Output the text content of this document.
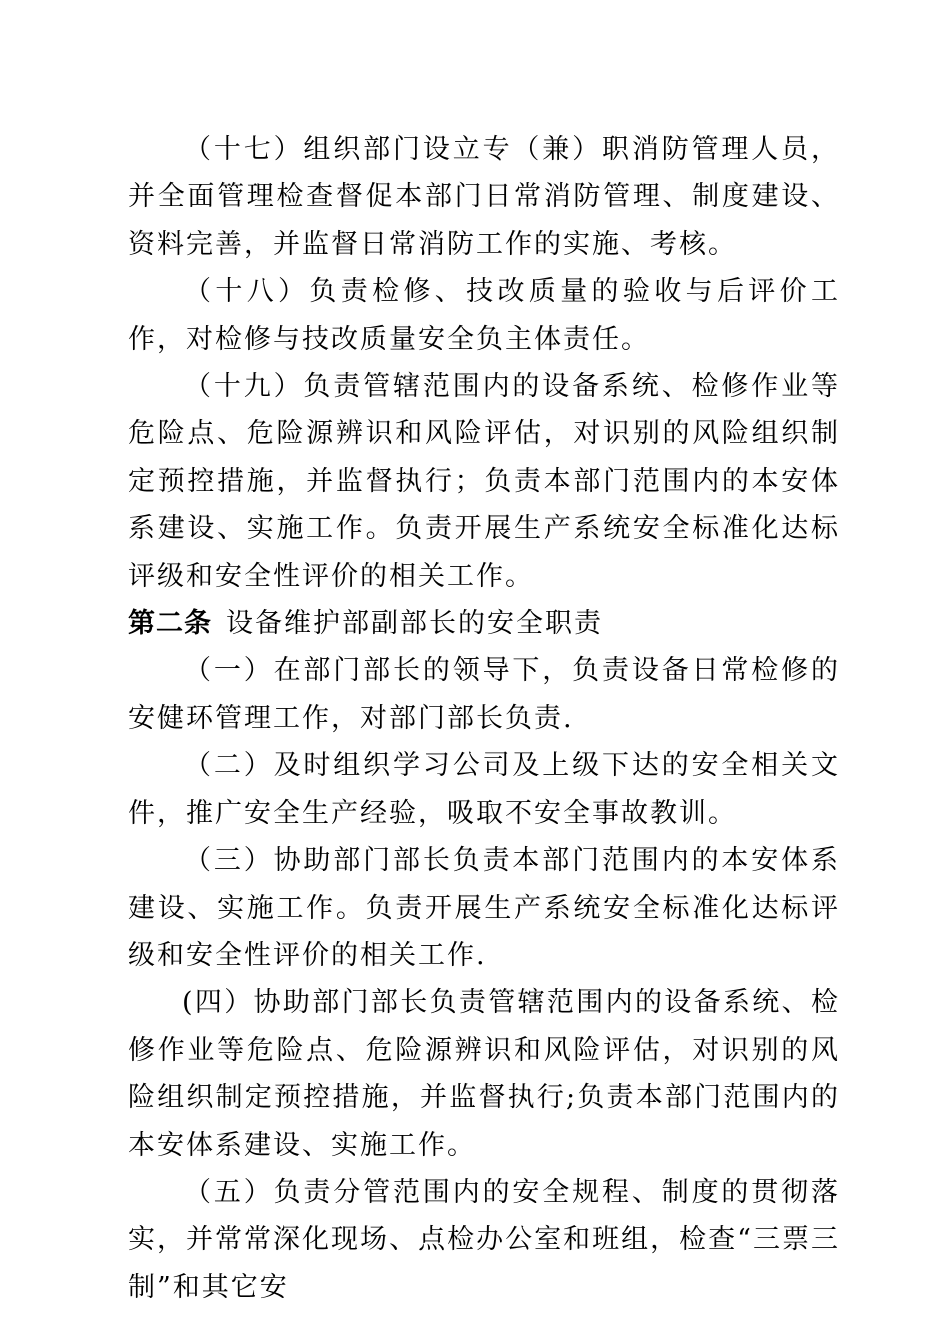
（十七）组织部门设立专（兼）职消防管理人员，并全面管理检查督促本部门日常消防管理、制度建设、资料完善，并监督日常消防工作的实施、考核。

（十八）负责检修、技改质量的验收与后评价工作，对检修与技改质量安全负主体责任。

（十九）负责管辖范围内的设备系统、检修作业等危险点、危险源辨识和风险评估，对识别的风险组织制定预控措施，并监督执行；负责本部门范围内的本安体系建设、实施工作。负责开展生产系统安全标准化达标评级和安全性评价的相关工作。

第二条 设备维护部副部长的安全职责

（一）在部门部长的领导下，负责设备日常检修的安健环管理工作，对部门部长负责.

（二）及时组织学习公司及上级下达的安全相关文件，推广安全生产经验，吸取不安全事故教训。

（三）协助部门部长负责本部门范围内的本安体系建设、实施工作。负责开展生产系统安全标准化达标评级和安全性评价的相关工作.

(四）协助部门部长负责管辖范围内的设备系统、检修作业等危险点、危险源辨识和风险评估，对识别的风险组织制定预控措施，并监督执行;负责本部门范围内的本安体系建设、实施工作。

（五）负责分管范围内的安全规程、制度的贯彻落实，并常常深化现场、点检办公室和班组，检查“三票三制”和其它安
